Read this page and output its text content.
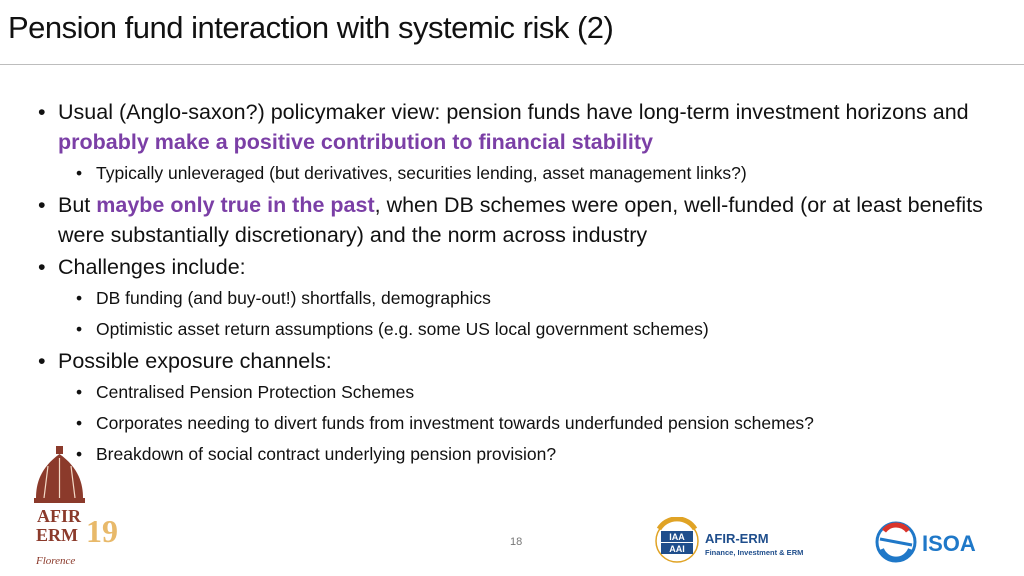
Pension fund interaction with systemic risk (2)
• Usual (Anglo-saxon?) policymaker view: pension funds have long-term investment horizons and probably make a positive contribution to financial stability
• Typically unleveraged (but derivatives, securities lending, asset management links?)
• But maybe only true in the past, when DB schemes were open, well-funded (or at least benefits were substantially discretionary) and the norm across industry
• Challenges include:
• DB funding (and buy-out!) shortfalls, demographics
• Optimistic asset return assumptions (e.g. some US local government schemes)
• Possible exposure channels:
• Centralised Pension Protection Schemes
• Corporates needing to divert funds from investment towards underfunded pension schemes?
• Breakdown of social contract underlying pension provision?
AFIR
ERM 19
Florence
18	IAA
AAI
AFIR-ERM
Finance, Investment & ERM	ISOA
